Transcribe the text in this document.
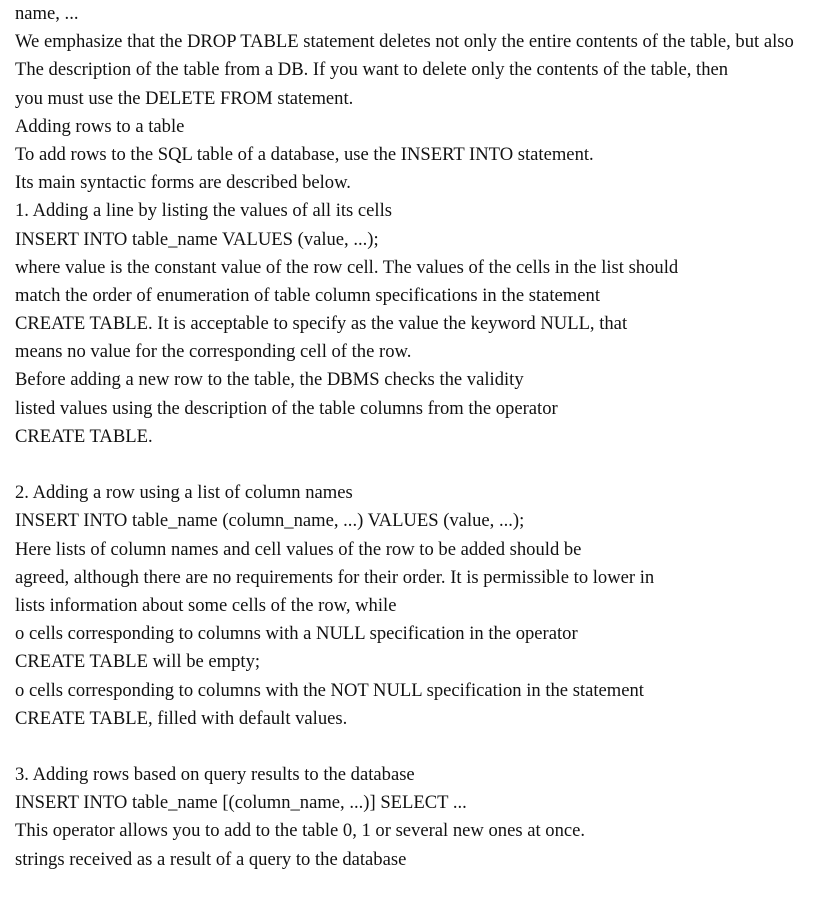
name, ...
We emphasize that the DROP TABLE statement deletes not only the entire contents of the table, but also
The description of the table from a DB. If you want to delete only the contents of the table, then
you must use the DELETE FROM statement.
Adding rows to a table
To add rows to the SQL table of a database, use the INSERT INTO statement.
Its main syntactic forms are described below.
1. Adding a line by listing the values of all its cells
INSERT INTO table_name VALUES (value, ...);
where value is the constant value of the row cell. The values of the cells in the list should
match the order of enumeration of table column specifications in the statement
CREATE TABLE. It is acceptable to specify as the value the keyword NULL, that
means no value for the corresponding cell of the row.
Before adding a new row to the table, the DBMS checks the validity
listed values using the description of the table columns from the operator
CREATE TABLE.
2. Adding a row using a list of column names
INSERT INTO table_name (column_name, ...) VALUES (value, ...);
Here lists of column names and cell values of the row to be added should be
agreed, although there are no requirements for their order. It is permissible to lower in
lists information about some cells of the row, while
o cells corresponding to columns with a NULL specification in the operator
CREATE TABLE will be empty;
o cells corresponding to columns with the NOT NULL specification in the statement
CREATE TABLE, filled with default values.
3. Adding rows based on query results to the database
INSERT INTO table_name [(column_name, ...)] SELECT ...
This operator allows you to add to the table 0, 1 or several new ones at once.
strings received as a result of a query to the database
